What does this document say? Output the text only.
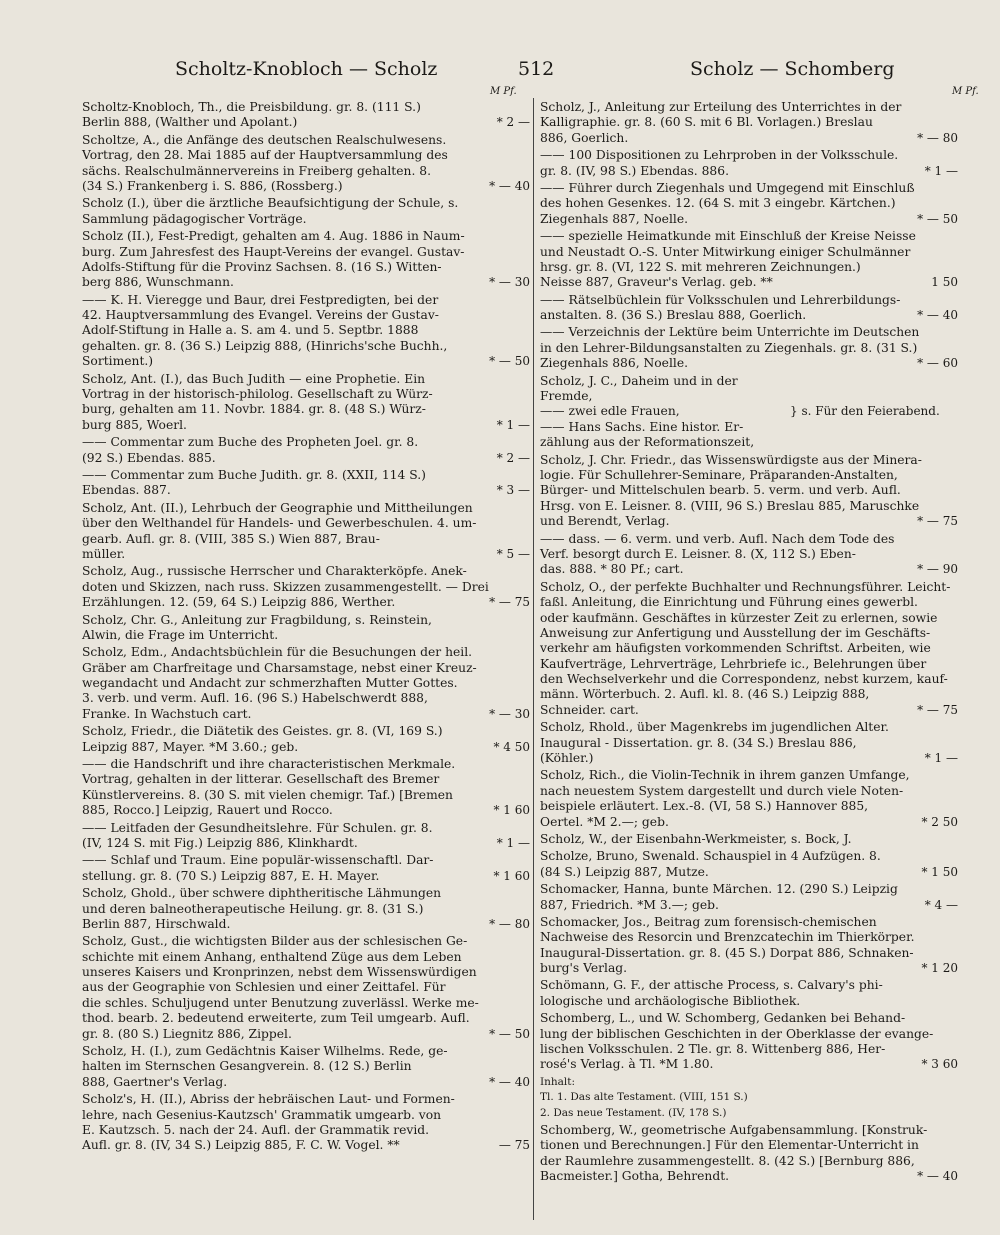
Scholtz-Knobloch — Scholz	512	Scholz — Schomberg
M Pf.	M Pf.
Scholtz-Knobloch, Th., die Preisbildung. gr. 8. (111 S.)
Berlin 888, (Walther und Apolant.)	* 2 —
Scholtze, A., die Anfänge des deutschen Realschulwesens.
Vortrag, den 28. Mai 1885 auf der Hauptversammlung des
sächs. Realschulmännervereins in Freiberg gehalten. 8.
(34 S.) Frankenberg i. S. 886, (Rossberg.)	* — 40
Scholz (I.), über die ärztliche Beaufsichtigung der Schule, s.
Sammlung pädagogischer Vorträge.
Scholz (II.), Fest-Predigt, gehalten am 4. Aug. 1886 in Naum-
burg. Zum Jahresfest des Haupt-Vereins der evangel. Gustav-
Adolfs-Stiftung für die Provinz Sachsen. 8. (16 S.) Witten-
berg 886, Wunschmann.	* — 30
—— K. H. Vieregge und Baur, drei Festpredigten, bei der
42. Hauptversammlung des Evangel. Vereins der Gustav-
Adolf-Stiftung in Halle a. S. am 4. und 5. Septbr. 1888
gehalten. gr. 8. (36 S.) Leipzig 888, (Hinrichs'sche Buchh.,
Sortiment.)	* — 50
Scholz, Ant. (I.), das Buch Judith — eine Prophetie. Ein
Vortrag in der historisch-philolog. Gesellschaft zu Würz-
burg, gehalten am 11. Novbr. 1884. gr. 8. (48 S.) Würz-
burg 885, Woerl.	* 1 —
—— Commentar zum Buche des Propheten Joel. gr. 8.
(92 S.) Ebendas. 885.	* 2 —
—— Commentar zum Buche Judith. gr. 8. (XXII, 114 S.)
Ebendas. 887.	* 3 —
Scholz, Ant. (II.), Lehrbuch der Geographie und Mittheilungen
über den Welthandel für Handels- und Gewerbeschulen. 4. um-
gearb. Aufl. gr. 8. (VIII, 385 S.) Wien 887, Brau-
müller.	* 5 —
Scholz, Aug., russische Herrscher und Charakterköpfe. Anek-
doten und Skizzen, nach russ. Skizzen zusammengestellt. — Drei
Erzählungen. 12. (59, 64 S.) Leipzig 886, Werther.	* — 75
Scholz, Chr. G., Anleitung zur Fragbildung, s. Reinstein,
Alwin, die Frage im Unterricht.
Scholz, Edm., Andachtsbüchlein für die Besuchungen der heil.
Gräber am Charfreitage und Charsamstage, nebst einer Kreuz-
wegandacht und Andacht zur schmerzhaften Mutter Gottes.
3. verb. und verm. Aufl. 16. (96 S.) Habelschwerdt 888,
Franke. In Wachstuch cart.	* — 30
Scholz, Friedr., die Diätetik des Geistes. gr. 8. (VI, 169 S.)
Leipzig 887, Mayer. *M 3.60.; geb.	* 4 50
—— die Handschrift und ihre characteristischen Merkmale.
Vortrag, gehalten in der litterar. Gesellschaft des Bremer
Künstlervereins. 8. (30 S. mit vielen chemigr. Taf.) [Bremen
885, Rocco.] Leipzig, Rauert und Rocco.	* 1 60
—— Leitfaden der Gesundheitslehre. Für Schulen. gr. 8.
(IV, 124 S. mit Fig.) Leipzig 886, Klinkhardt.	* 1 —
—— Schlaf und Traum. Eine populär-wissenschaftl. Dar-
stellung. gr. 8. (70 S.) Leipzig 887, E. H. Mayer.	* 1 60
Scholz, Ghold., über schwere diphtheritische Lähmungen
und deren balneotherapeutische Heilung. gr. 8. (31 S.)
Berlin 887, Hirschwald.	* — 80
Scholz, Gust., die wichtigsten Bilder aus der schlesischen Ge-
schichte mit einem Anhang, enthaltend Züge aus dem Leben
unseres Kaisers und Kronprinzen, nebst dem Wissenswürdigen
aus der Geographie von Schlesien und einer Zeittafel. Für
die schles. Schuljugend unter Benutzung zuverlässl. Werke me-
thod. bearb. 2. bedeutend erweiterte, zum Teil umgearb. Aufl.
gr. 8. (80 S.) Liegnitz 886, Zippel.	* — 50
Scholz, H. (I.), zum Gedächtnis Kaiser Wilhelms. Rede, ge-
halten im Sternschen Gesangverein. 8. (12 S.) Berlin
888, Gaertner's Verlag.	* — 40
Scholz's, H. (II.), Abriss der hebräischen Laut- und Formen-
lehre, nach Gesenius-Kautzsch' Grammatik umgearb. von
E. Kautzsch. 5. nach der 24. Aufl. der Grammatik revid.
Aufl. gr. 8. (IV, 34 S.) Leipzig 885, F. C. W. Vogel. **	— 75
Scholz, J., Anleitung zur Erteilung des Unterrichtes in der
Kalligraphie. gr. 8. (60 S. mit 6 Bl. Vorlagen.) Breslau
886, Goerlich.	* — 80
—— 100 Dispositionen zu Lehrproben in der Volksschule.
gr. 8. (IV, 98 S.) Ebendas. 886.	* 1 —
—— Führer durch Ziegenhals und Umgegend mit Einschluß
des hohen Gesenkes. 12. (64 S. mit 3 eingebr. Kärtchen.)
Ziegenhals 887, Noelle.	* — 50
—— spezielle Heimatkunde mit Einschluß der Kreise Neisse
und Neustadt O.-S. Unter Mitwirkung einiger Schulmänner
hrsg. gr. 8. (VI, 122 S. mit mehreren Zeichnungen.)
Neisse 887, Graveur's Verlag. geb. **	1 50
—— Rätselbüchlein für Volksschulen und Lehrerbildungs-
anstalten. 8. (36 S.) Breslau 888, Goerlich.	* — 40
—— Verzeichnis der Lektüre beim Unterrichte im Deutschen
in den Lehrer-Bildungsanstalten zu Ziegenhals. gr. 8. (31 S.)
Ziegenhals 886, Noelle.	* — 60
Scholz, J. C., Daheim und in der
Fremde,
—— zwei edle Frauen,
—— Hans Sachs. Eine histor. Er-
zählung aus der Reformationszeit,
} s. Für den Feierabend.
Scholz, J. Chr. Friedr., das Wissenswürdigste aus der Minera-
logie. Für Schullehrer-Seminare, Präparanden-Anstalten,
Bürger- und Mittelschulen bearb. 5. verm. und verb. Aufl.
Hrsg. von E. Leisner. 8. (VIII, 96 S.) Breslau 885, Maruschke
und Berendt, Verlag.	* — 75
—— dass. — 6. verm. und verb. Aufl. Nach dem Tode des
Verf. besorgt durch E. Leisner. 8. (X, 112 S.) Eben-
das. 888. * 80 Pf.; cart.	* — 90
Scholz, O., der perfekte Buchhalter und Rechnungsführer. Leicht-
faßl. Anleitung, die Einrichtung und Führung eines gewerbl.
oder kaufmänn. Geschäftes in kürzester Zeit zu erlernen, sowie
Anweisung zur Anfertigung und Ausstellung der im Geschäfts-
verkehr am häufigsten vorkommenden Schriftst. Arbeiten, wie
Kaufverträge, Lehrverträge, Lehrbriefe ic., Belehrungen über
den Wechselverkehr und die Correspondenz, nebst kurzem, kauf-
männ. Wörterbuch. 2. Aufl. kl. 8. (46 S.) Leipzig 888,
Schneider. cart.	* — 75
Scholz, Rhold., über Magenkrebs im jugendlichen Alter.
Inaugural - Dissertation. gr. 8. (34 S.) Breslau 886,
(Köhler.)	* 1 —
Scholz, Rich., die Violin-Technik in ihrem ganzen Umfange,
nach neuestem System dargestellt und durch viele Noten-
beispiele erläutert. Lex.-8. (VI, 58 S.) Hannover 885,
Oertel. *M 2.—; geb.	* 2 50
Scholz, W., der Eisenbahn-Werkmeister, s. Bock, J.
Scholze, Bruno, Swenald. Schauspiel in 4 Aufzügen. 8.
(84 S.) Leipzig 887, Mutze.	* 1 50
Schomacker, Hanna, bunte Märchen. 12. (290 S.) Leipzig
887, Friedrich. *M 3.—; geb.	* 4 —
Schomacker, Jos., Beitrag zum forensisch-chemischen
Nachweise des Resorcin und Brenzcatechin im Thierkörper.
Inaugural-Dissertation. gr. 8. (45 S.) Dorpat 886, Schnaken-
burg's Verlag.	* 1 20
Schömann, G. F., der attische Process, s. Calvary's phi-
lologische und archäologische Bibliothek.
Schomberg, L., und W. Schomberg, Gedanken bei Behand-
lung der biblischen Geschichten in der Oberklasse der evange-
lischen Volksschulen. 2 Tle. gr. 8. Wittenberg 886, Her-
rosé's Verlag. à Tl. *M 1.80.	* 3 60
Inhalt:
Tl. 1. Das alte Testament. (VIII, 151 S.)
2. Das neue Testament. (IV, 178 S.)
Schomberg, W., geometrische Aufgabensammlung. [Konstruk-
tionen und Berechnungen.] Für den Elementar-Unterricht in
der Raumlehre zusammengestellt. 8. (42 S.) [Bernburg 886,
Bacmeister.] Gotha, Behrendt.	* — 40
